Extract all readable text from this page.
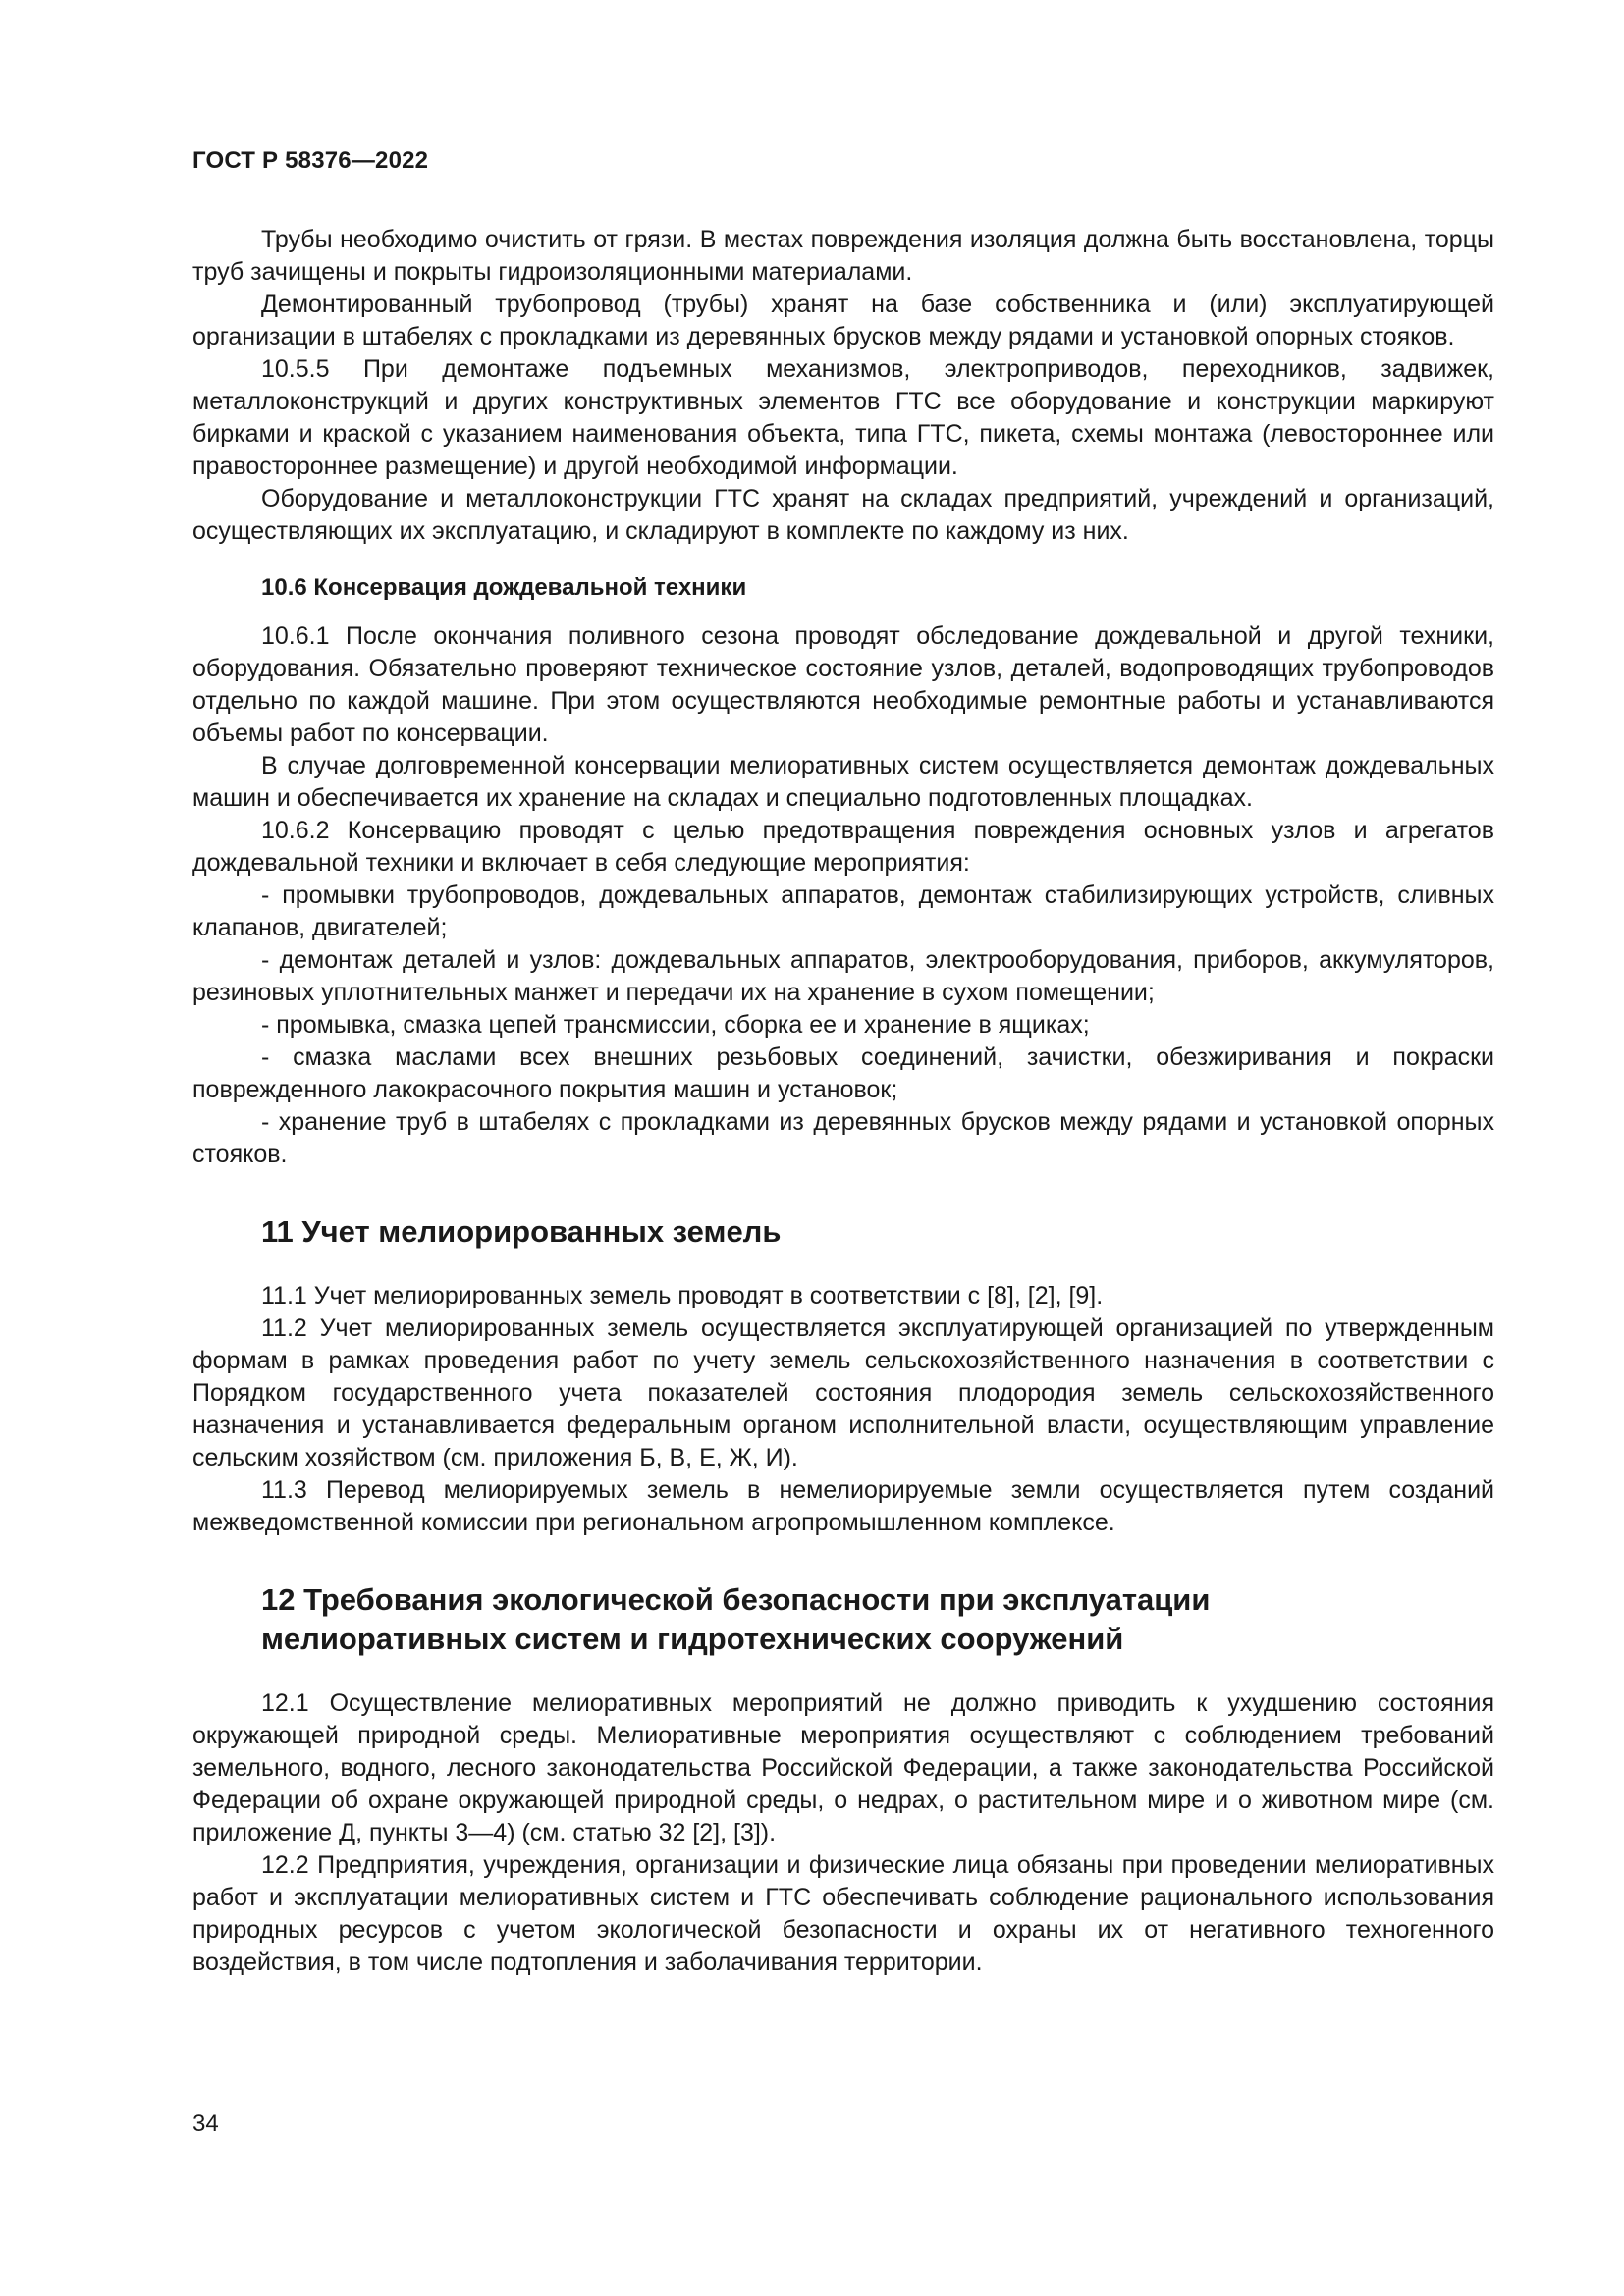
ГОСТ Р 58376—2022

Трубы необходимо очистить от грязи. В местах повреждения изоляция должна быть восстановлена, торцы труб зачищены и покрыты гидроизоляционными материалами.

Демонтированный трубопровод (трубы) хранят на базе собственника и (или) эксплуатирующей организации в штабелях с прокладками из деревянных брусков между рядами и установкой опорных стояков.

10.5.5 При демонтаже подъемных механизмов, электроприводов, переходников, задвижек, металлоконструкций и других конструктивных элементов ГТС все оборудование и конструкции маркируют бирками и краской с указанием наименования объекта, типа ГТС, пикета, схемы монтажа (левостороннее или правостороннее размещение) и другой необходимой информации.

Оборудование и металлоконструкции ГТС хранят на складах предприятий, учреждений и организаций, осуществляющих их эксплуатацию, и складируют в комплекте по каждому из них.

10.6 Консервация дождевальной техники

10.6.1 После окончания поливного сезона проводят обследование дождевальной и другой техники, оборудования. Обязательно проверяют техническое состояние узлов, деталей, водопроводящих трубопроводов отдельно по каждой машине. При этом осуществляются необходимые ремонтные работы и устанавливаются объемы работ по консервации.

В случае долговременной консервации мелиоративных систем осуществляется демонтаж дождевальных машин и обеспечивается их хранение на складах и специально подготовленных площадках.

10.6.2 Консервацию проводят с целью предотвращения повреждения основных узлов и агрегатов дождевальной техники и включает в себя следующие мероприятия:

- промывки трубопроводов, дождевальных аппаратов, демонтаж стабилизирующих устройств, сливных клапанов, двигателей;

- демонтаж деталей и узлов: дождевальных аппаратов, электрооборудования, приборов, аккумуляторов, резиновых уплотнительных манжет и передачи их на хранение в сухом помещении;

- промывка, смазка цепей трансмиссии, сборка ее и хранение в ящиках;

- смазка маслами всех внешних резьбовых соединений, зачистки, обезжиривания и покраски поврежденного лакокрасочного покрытия машин и установок;

- хранение труб в штабелях с прокладками из деревянных брусков между рядами и установкой опорных стояков.

11 Учет мелиорированных земель

11.1 Учет мелиорированных земель проводят в соответствии с [8], [2], [9].

11.2 Учет мелиорированных земель осуществляется эксплуатирующей организацией по утвержденным формам в рамках проведения работ по учету земель сельскохозяйственного назначения в соответствии с Порядком государственного учета показателей состояния плодородия земель сельскохозяйственного назначения и устанавливается федеральным органом исполнительной власти, осуществляющим управление сельским хозяйством (см. приложения Б, В, Е, Ж, И).

11.3 Перевод мелиорируемых земель в немелиорируемые земли осуществляется путем созданий межведомственной комиссии при региональном агропромышленном комплексе.

12 Требования экологической безопасности при эксплуатации
мелиоративных систем и гидротехнических сооружений

12.1 Осуществление мелиоративных мероприятий не должно приводить к ухудшению состояния окружающей природной среды. Мелиоративные мероприятия осуществляют с соблюдением требований земельного, водного, лесного законодательства Российской Федерации, а также законодательства Российской Федерации об охране окружающей природной среды, о недрах, о растительном мире и о животном мире (см. приложение Д, пункты 3—4) (см. статью 32 [2], [3]).

12.2 Предприятия, учреждения, организации и физические лица обязаны при проведении мелиоративных работ и эксплуатации мелиоративных систем и ГТС обеспечивать соблюдение рационального использования природных ресурсов с учетом экологической безопасности и охраны их от негативного техногенного воздействия, в том числе подтопления и заболачивания территории.

34
